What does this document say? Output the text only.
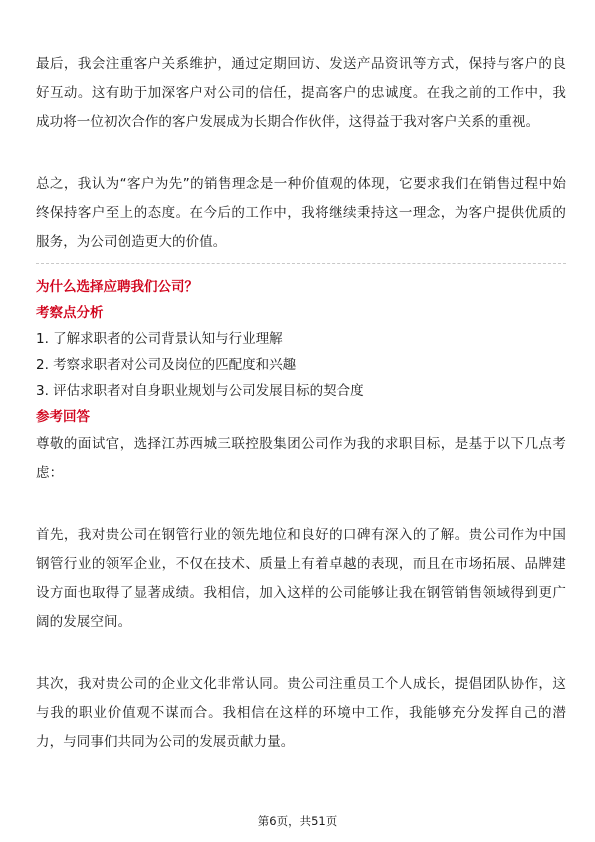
最后，我会注重客户关系维护，通过定期回访、发送产品资讯等方式，保持与客户的良好互动。这有助于加深客户对公司的信任，提高客户的忠诚度。在我之前的工作中，我成功将一位初次合作的客户发展成为长期合作伙伴，这得益于我对客户关系的重视。

总之，我认为“客户为先”的销售理念是一种价值观的体现，它要求我们在销售过程中始终保持客户至上的态度。在今后的工作中，我将继续秉持这一理念，为客户提供优质的服务，为公司创造更大的价值。

为什么选择应聘我们公司？

考察点分析

1. 了解求职者的公司背景认知与行业理解

2. 考察求职者对公司及岗位的匹配度和兴趣

3. 评估求职者对自身职业规划与公司发展目标的契合度

参考回答

尊敬的面试官，选择江苏西城三联控股集团公司作为我的求职目标，是基于以下几点考虑：

首先，我对贵公司在钢管行业的领先地位和良好的口碑有深入的了解。贵公司作为中国钢管行业的领军企业，不仅在技术、质量上有着卓越的表现，而且在市场拓展、品牌建设方面也取得了显著成绩。我相信，加入这样的公司能够让我在钢管销售领域得到更广阔的发展空间。

其次，我对贵公司的企业文化非常认同。贵公司注重员工个人成长，提倡团队协作，这与我的职业价值观不谋而合。我相信在这样的环境中工作，我能够充分发挥自己的潜力，与同事们共同为公司的发展贡献力量。

第6页，共51页
